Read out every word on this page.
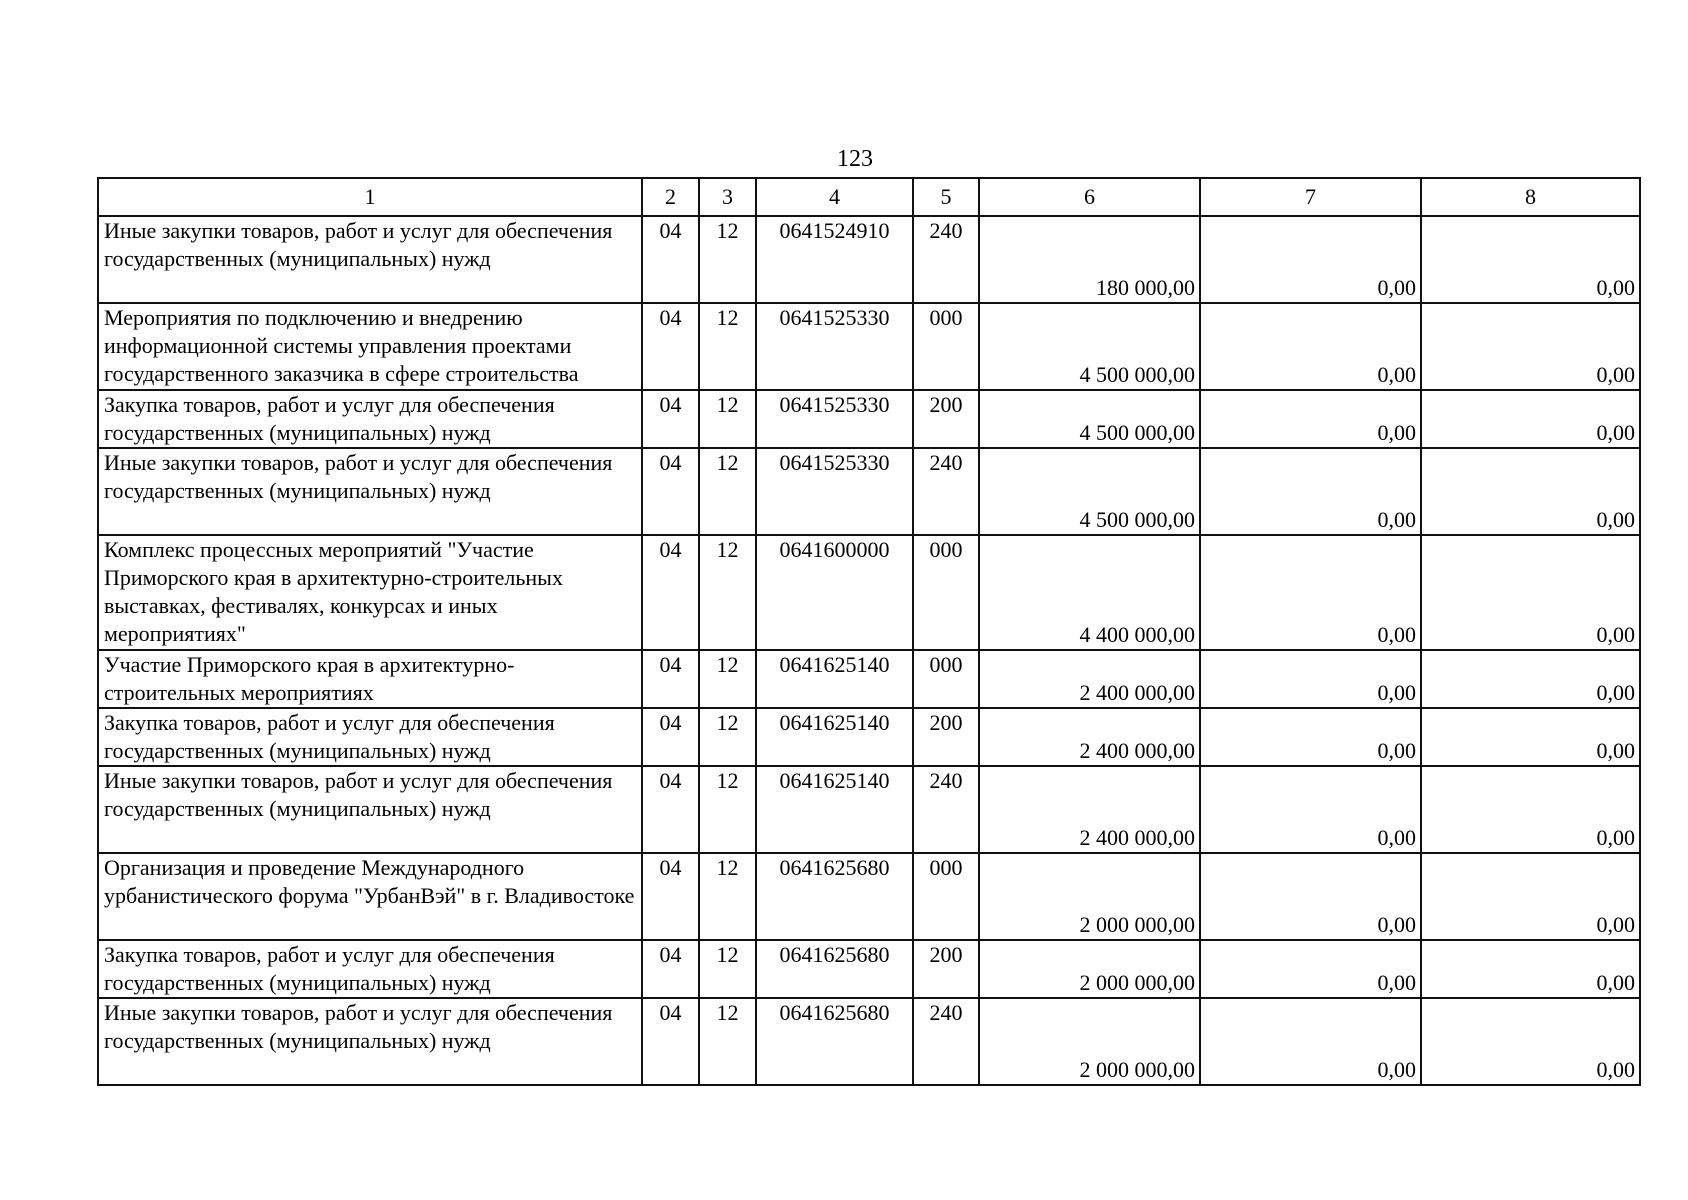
123
1	2	3	4	5	6	7	8
Иные закупки товаров, работ и услуг для обеспечения государственных (муниципальных) нужд	04	12	0641524910	240	180 000,00	0,00	0,00
Мероприятия по подключению и внедрению информационной системы управления проектами государственного заказчика в сфере строительства	04	12	0641525330	000	4 500 000,00	0,00	0,00
Закупка товаров, работ и услуг для обеспечения государственных (муниципальных) нужд	04	12	0641525330	200	4 500 000,00	0,00	0,00
Иные закупки товаров, работ и услуг для обеспечения государственных (муниципальных) нужд	04	12	0641525330	240	4 500 000,00	0,00	0,00
Комплекс процессных мероприятий "Участие Приморского края в архитектурно-строительных выставках, фестивалях, конкурсах и иных мероприятиях"	04	12	0641600000	000	4 400 000,00	0,00	0,00
Участие Приморского края в архитектурно-строительных мероприятиях	04	12	0641625140	000	2 400 000,00	0,00	0,00
Закупка товаров, работ и услуг для обеспечения государственных (муниципальных) нужд	04	12	0641625140	200	2 400 000,00	0,00	0,00
Иные закупки товаров, работ и услуг для обеспечения государственных (муниципальных) нужд	04	12	0641625140	240	2 400 000,00	0,00	0,00
Организация и проведение Международного урбанистического форума "УрбанВэй" в г. Владивостоке	04	12	0641625680	000	2 000 000,00	0,00	0,00
Закупка товаров, работ и услуг для обеспечения государственных (муниципальных) нужд	04	12	0641625680	200	2 000 000,00	0,00	0,00
Иные закупки товаров, работ и услуг для обеспечения государственных (муниципальных) нужд	04	12	0641625680	240	2 000 000,00	0,00	0,00
